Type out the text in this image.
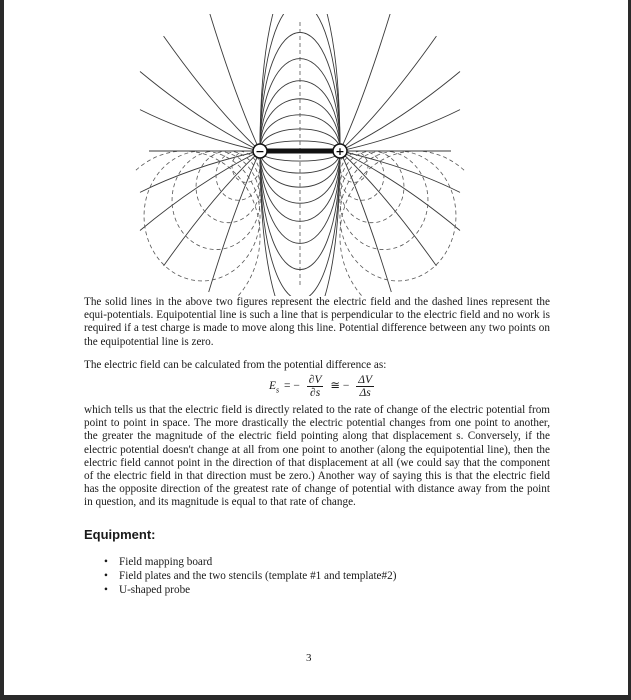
−	+

The solid lines in the above two figures represent the electric field and the dashed lines represent the equi-potentials. Equipotential line is such a line that is perpendicular to the electric field and no work is required if a test charge is made to move along this line. Potential difference between any two points on the equipotential line is zero.

The electric field can be calculated from the potential difference as:

$E_s$ = − $\frac{\partial V}{\partial s}$ ≅ − $\frac{\Delta V}{\Delta s}$

which tells us that the electric field is directly related to the rate of change of the electric potential from point to point in space. The more drastically the electric potential changes from one point to another, the greater the magnitude of the electric field pointing along that displacement s. Conversely, if the electric potential doesn't change at all from one point to another (along the equipotential line), then the electric field cannot point in the direction of that displacement at all (we could say that the component of the electric field in that direction must be zero.) Another way of saying this is that the electric field has the opposite direction of the greatest rate of change of potential with distance away from the point in question, and its magnitude is equal to that rate of change.

Equipment:
• Field mapping board
• Field plates and the two stencils (template #1 and template#2)
• U-shaped probe
3
